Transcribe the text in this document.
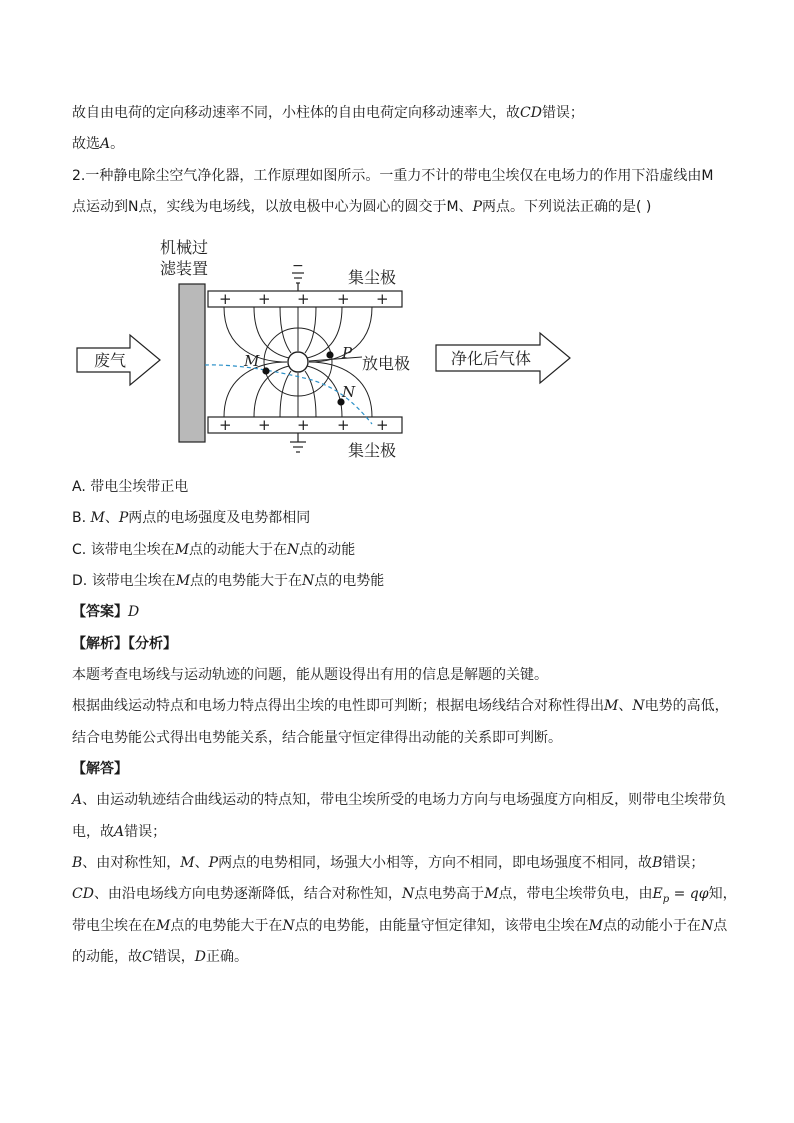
故自由电荷的定向移动速率不同，小柱体的自由电荷定向移动速率大，故CD错误；
故选A。
2.一种静电除尘空气净化器，工作原理如图所示。一重力不计的带电尘埃仅在电场力的作用下沿虚线由M
点运动到N点，实线为电场线，以放电极中心为圆心的圆交于M、P两点。下列说法正确的是( )
机械过
滤装置
废气	净化后气体
放电极
M	P
N
+ + + + +
+ + + + +
−
集尘极
集尘极
A. 带电尘埃带正电
B. M、P两点的电场强度及电势都相同
C. 该带电尘埃在M点的动能大于在N点的动能
D. 该带电尘埃在M点的电势能大于在N点的电势能
【答案】D
【解析】【分析】
本题考查电场线与运动轨迹的问题，能从题设得出有用的信息是解题的关键。
根据曲线运动特点和电场力特点得出尘埃的电性即可判断；根据电场线结合对称性得出M、N电势的高低，
结合电势能公式得出电势能关系，结合能量守恒定律得出动能的关系即可判断。
【解答】
A、由运动轨迹结合曲线运动的特点知，带电尘埃所受的电场力方向与电场强度方向相反，则带电尘埃带负
电，故A错误；
B、由对称性知，M、P两点的电势相同，场强大小相等，方向不相同，即电场强度不相同，故B错误；
CD、由沿电场线方向电势逐渐降低，结合对称性知，N点电势高于M点，带电尘埃带负电，由$E_p = q\varphi$知，
带电尘埃在在M点的电势能大于在N点的电势能，由能量守恒定律知，该带电尘埃在M点的动能小于在N点
的动能，故C错误，D正确。
